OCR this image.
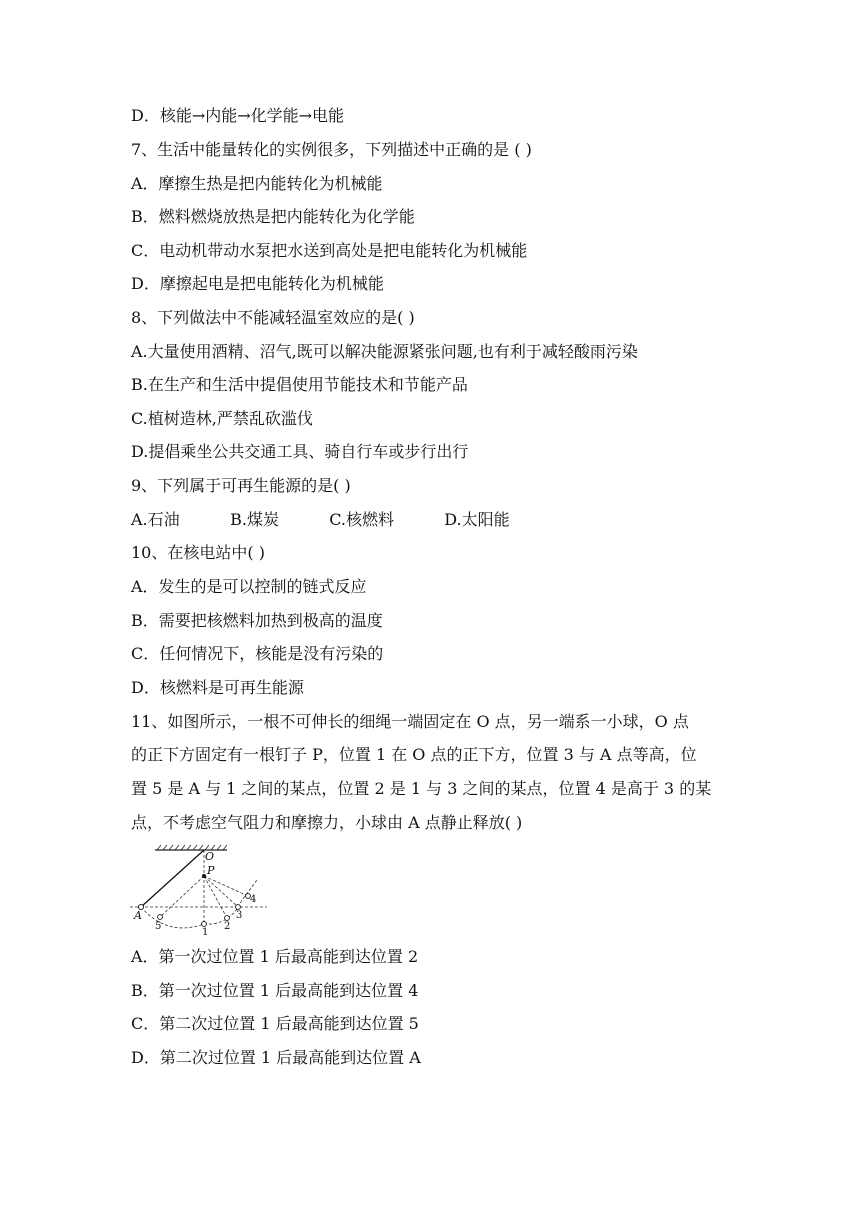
D．核能→内能→化学能→电能
7、生活中能量转化的实例很多，下列描述中正确的是 ( )
A．摩擦生热是把内能转化为机械能
B．燃料燃烧放热是把内能转化为化学能
C．电动机带动水泵把水送到高处是把电能转化为机械能
D．摩擦起电是把电能转化为机械能
8、下列做法中不能减轻温室效应的是( )
A.大量使用酒精、沼气,既可以解决能源紧张问题,也有利于减轻酸雨污染
B.在生产和生活中提倡使用节能技术和节能产品
C.植树造林,严禁乱砍滥伐
D.提倡乘坐公共交通工具、骑自行车或步行出行
9、下列属于可再生能源的是( )
A.石油	B.煤炭	C.核燃料	D.太阳能
10、在核电站中( )
A．发生的是可以控制的链式反应
B．需要把核燃料加热到极高的温度
C．任何情况下，核能是没有污染的
D．核燃料是可再生能源
11、如图所示，一根不可伸长的细绳一端固定在 O 点，另一端系一小球，O 点
的正下方固定有一根钉子 P，位置 1 在 O 点的正下方，位置 3 与 A 点等高，位
置 5 是 A 与 1 之间的某点，位置 2 是 1 与 3 之间的某点，位置 4 是高于 3 的某
点，不考虑空气阻力和摩擦力，小球由 A 点静止释放( )
O
P
A
5
1
2
3
4
A．第一次过位置 1 后最高能到达位置 2
B．第一次过位置 1 后最高能到达位置 4
C．第二次过位置 1 后最高能到达位置 5
D．第二次过位置 1 后最高能到达位置 A
